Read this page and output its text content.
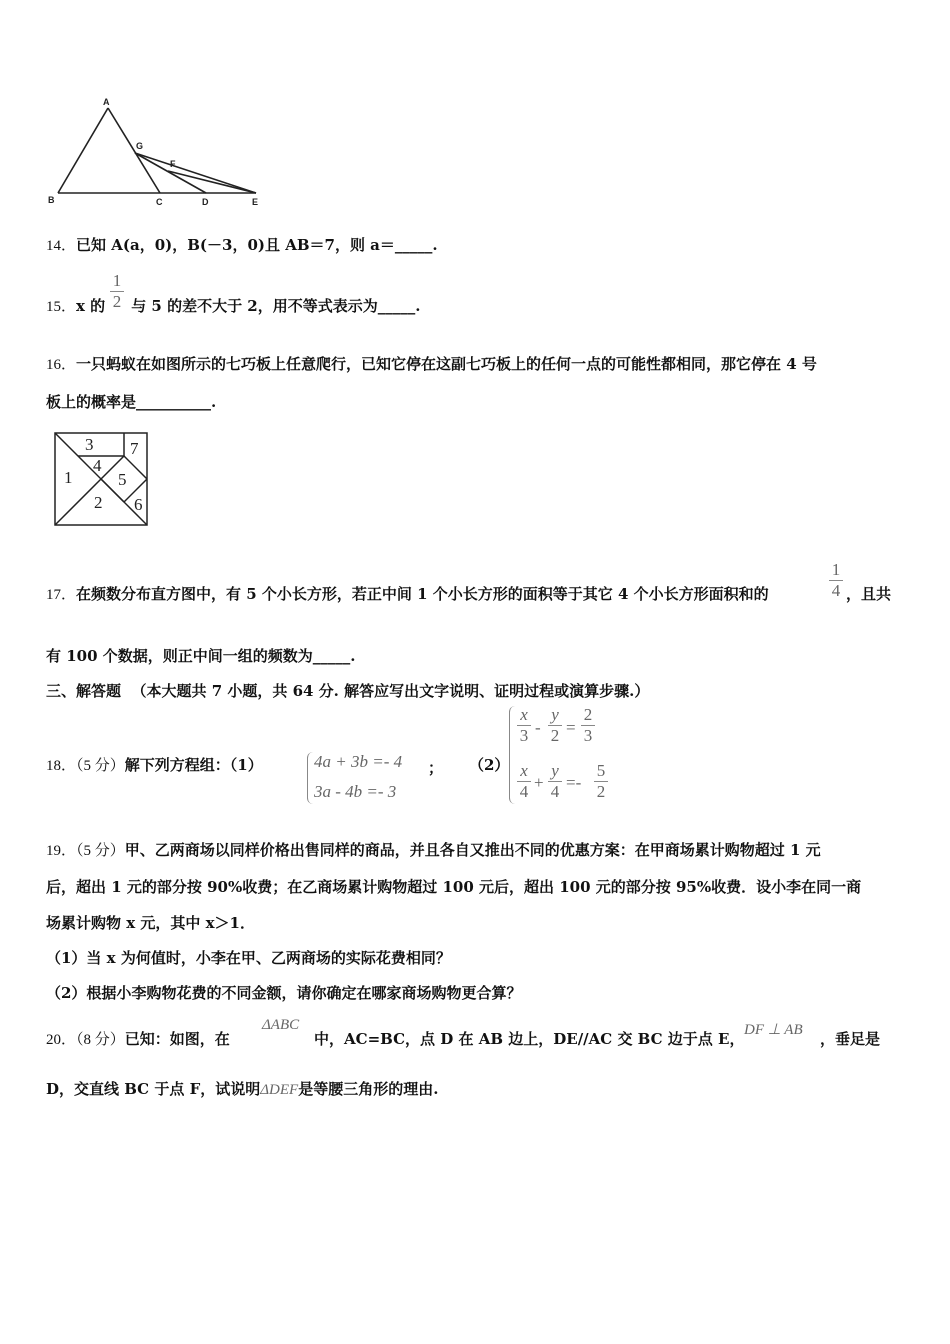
A
B	C	D	E
F
G
14．已知 A(a，0)，B(－3，0)且 AB＝7，则 a＝_____.
15．x 的 与 5 的差不大于 2，用不等式表示为_____.
$\frac{1}{2}$
16．一只蚂蚁在如图所示的七巧板上任意爬行，已知它停在这副七巧板上的任何一点的可能性都相同，那它停在 4 号
板上的概率是__________.
1
2
3
4
5
6
7
17．在频数分布直方图中，有 5 个小长方形，若正中间 1 个小长方形的面积等于其它 4 个小长方形面积和的	$\frac{1}{4}$ ，且共
有 100 个数据，则正中间一组的频数为_____.
三、解答题 （本大题共 7 小题，共 64 分. 解答应写出文字说明、证明过程或演算步骤.）
18．（5 分）解下列方程组：（1）	4a + 3b =- 4
3a - 4b =- 3
； （2）
$\frac{x}{3} - \frac{y}{2} = \frac{2}{3}$
$\frac{x}{4} + \frac{y}{4} =- \frac{5}{2}$
19．（5 分）甲、乙两商场以同样价格出售同样的商品，并且各自又推出不同的优惠方案：在甲商场累计购物超过 1 元
后，超出 1 元的部分按 90%收费；在乙商场累计购物超过 100 元后，超出 100 元的部分按 95%收费．设小李在同一商
场累计购物 x 元，其中 x＞1．
（1）当 x 为何值时，小李在甲、乙两商场的实际花费相同？
（2）根据小李购物花费的不同金额，请你确定在哪家商场购物更合算？
20．（8 分）已知：如图，在
ΔABC
中，AC=BC，点 D 在 AB 边上，DE//AC 交 BC 边于点 E， DF ⊥ AB ，垂足是
D，交直线 BC 于点 F，试说明ΔDEF是等腰三角形的理由.
